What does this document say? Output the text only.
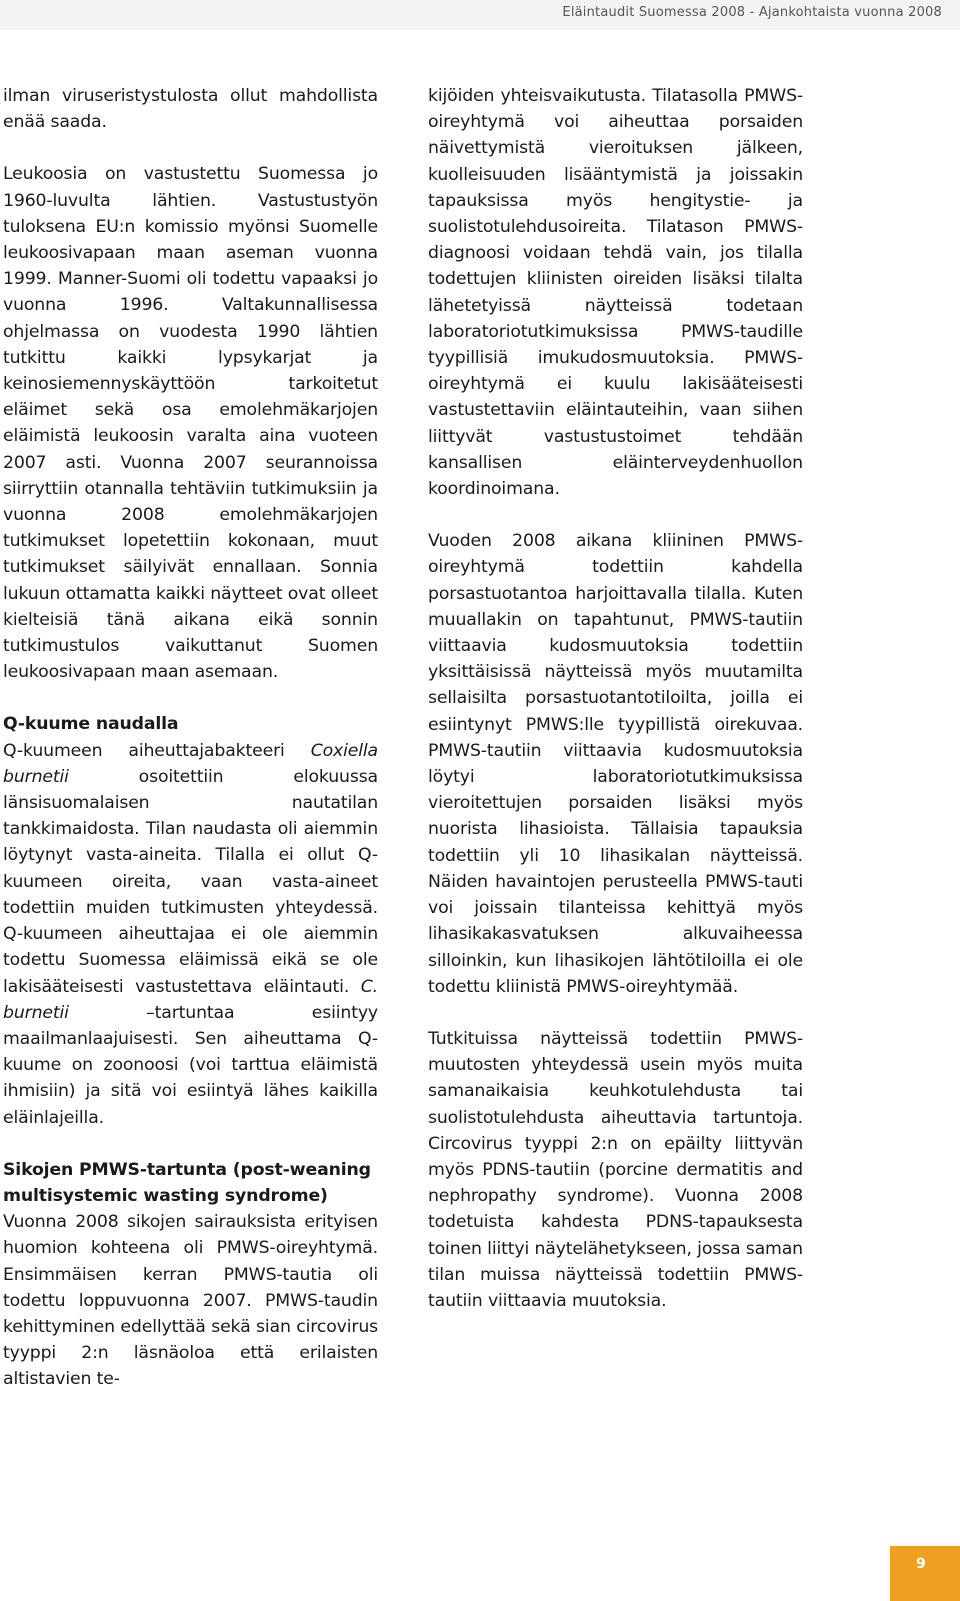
Eläintaudit Suomessa 2008 - Ajankohtaista vuonna 2008

ilman viruseristystulosta ollut mahdollista enää saada.

Leukoosia on vastustettu Suomessa jo 1960-luvulta lähtien. Vastustustyön tuloksena EU:n komissio myönsi Suomelle leukoosivapaan maan aseman vuonna 1999. Manner-Suomi oli todettu vapaaksi jo vuonna 1996. Valtakunnallisessa ohjelmassa on vuodesta 1990 lähtien tutkittu kaikki lypsykarjat ja keinosiemennyskäyttöön tarkoitetut eläimet sekä osa emolehmäkarjojen eläimistä leukoosin varalta aina vuoteen 2007 asti. Vuonna 2007 seurannoissa siirryttiin otannalla tehtäviin tutkimuksiin ja vuonna 2008 emolehmäkarjojen tutkimukset lopetettiin kokonaan, muut tutkimukset säilyivät ennallaan. Sonnia lukuun ottamatta kaikki näytteet ovat olleet kielteisiä tänä aikana eikä sonnin tutkimustulos vaikuttanut Suomen leukoosivapaan maan asemaan.

Q-kuume naudalla

Q-kuumeen aiheuttajabakteeri Coxiella burnetii osoitettiin elokuussa länsisuomalaisen nautatilan tankkimaidosta. Tilan naudasta oli aiemmin löytynyt vasta-aineita. Tilalla ei ollut Q-kuumeen oireita, vaan vasta-aineet todettiin muiden tutkimusten yhteydessä. Q-kuumeen aiheuttajaa ei ole aiemmin todettu Suomessa eläimissä eikä se ole lakisääteisesti vastustettava eläintauti. C. burnetii –tartuntaa esiintyy maailmanlaajuisesti. Sen aiheuttama Q-kuume on zoonoosi (voi tarttua eläimistä ihmisiin) ja sitä voi esiintyä lähes kaikilla eläinlajeilla.

Sikojen PMWS-tartunta (post-weaning multisystemic wasting syndrome)

Vuonna 2008 sikojen sairauksista erityisen huomion kohteena oli PMWS-oireyhtymä. Ensimmäisen kerran PMWS-tautia oli todettu loppuvuonna 2007. PMWS-taudin kehittyminen edellyttää sekä sian circovirus tyyppi 2:n läsnäoloa että erilaisten altistavien te-

kijöiden yhteisvaikutusta. Tilatasolla PMWS-oireyhtymä voi aiheuttaa porsaiden näivettymistä vieroituksen jälkeen, kuolleisuuden lisääntymistä ja joissakin tapauksissa myös hengitystie- ja suolistotulehdusoireita. Tilatason PMWS-diagnoosi voidaan tehdä vain, jos tilalla todettujen kliinisten oireiden lisäksi tilalta lähetetyissä näytteissä todetaan laboratoriotutkimuksissa PMWS-taudille tyypillisiä imukudosmuutoksia. PMWS-oireyhtymä ei kuulu lakisääteisesti vastustettaviin eläintauteihin, vaan siihen liittyvät vastustustoimet tehdään kansallisen eläinterveydenhuollon koordinoimana.

Vuoden 2008 aikana kliininen PMWS-oireyhtymä todettiin kahdella porsastuotantoa harjoittavalla tilalla. Kuten muuallakin on tapahtunut, PMWS-tautiin viittaavia kudosmuutoksia todettiin yksittäisissä näytteissä myös muutamilta sellaisilta porsastuotantotiloilta, joilla ei esiintynyt PMWS:lle tyypillistä oirekuvaa. PMWS-tautiin viittaavia kudosmuutoksia löytyi laboratoriotutkimuksissa vieroitettujen porsaiden lisäksi myös nuorista lihasioista. Tällaisia tapauksia todettiin yli 10 lihasikalan näytteissä. Näiden havaintojen perusteella PMWS-tauti voi joissain tilanteissa kehittyä myös lihasikakasvatuksen alkuvaiheessa silloinkin, kun lihasikojen lähtötiloilla ei ole todettu kliinistä PMWS-oireyhtymää.

Tutkituissa näytteissä todettiin PMWS-muutosten yhteydessä usein myös muita samanaikaisia keuhkotulehdusta tai suolistotulehdusta aiheuttavia tartuntoja. Circovirus tyyppi 2:n on epäilty liittyvän myös PDNS-tautiin (porcine dermatitis and nephropathy syndrome). Vuonna 2008 todetuista kahdesta PDNS-tapauksesta toinen liittyi näytelähetykseen, jossa saman tilan muissa näytteissä todettiin PMWS-tautiin viittaavia muutoksia.

9
